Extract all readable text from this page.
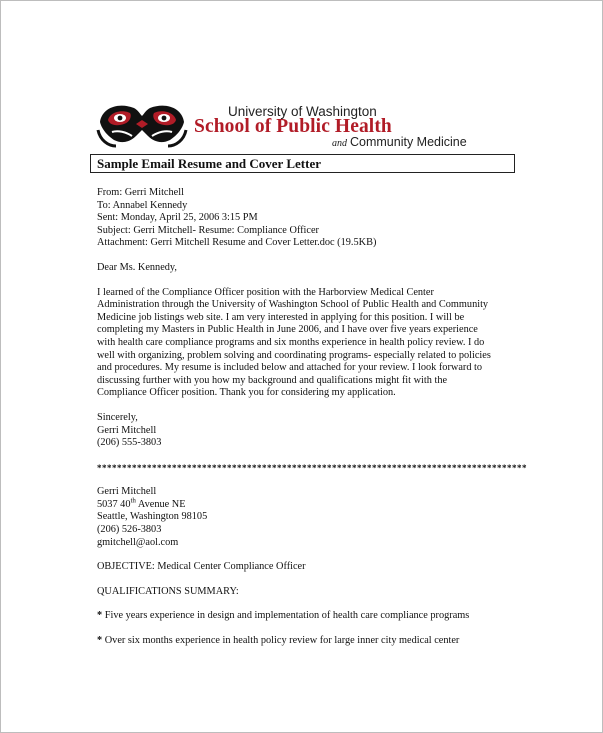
University of Washington
School of Public Health
and Community Medicine
Sample Email Resume and Cover Letter
From: Gerri Mitchell
To: Annabel Kennedy
Sent: Monday, April 25, 2006 3:15 PM
Subject: Gerri Mitchell- Resume: Compliance Officer
Attachment: Gerri Mitchell Resume and Cover Letter.doc (19.5KB)
Dear Ms. Kennedy,
I learned of the Compliance Officer position with the Harborview Medical Center
Administration through the University of Washington School of Public Health and Community
Medicine job listings web site. I am very interested in applying for this position. I will be
completing my Masters in Public Health in June 2006, and I have over five years experience
with health care compliance programs and six months experience in health policy review. I do
well with organizing, problem solving and coordinating programs- especially related to policies
and procedures. My resume is included below and attached for your review. I look forward to
discussing further with you how my background and qualifications might fit with the
Compliance Officer position. Thank you for considering my application.
Sincerely,
Gerri Mitchell
(206) 555-3803
**************************************************************************************
Gerri Mitchell
5037 40th Avenue NE
Seattle, Washington 98105
(206) 526-3803
gmitchell@aol.com
OBJECTIVE: Medical Center Compliance Officer
QUALIFICATIONS SUMMARY:
* Five years experience in design and implementation of health care compliance programs
* Over six months experience in health policy review for large inner city medical center
